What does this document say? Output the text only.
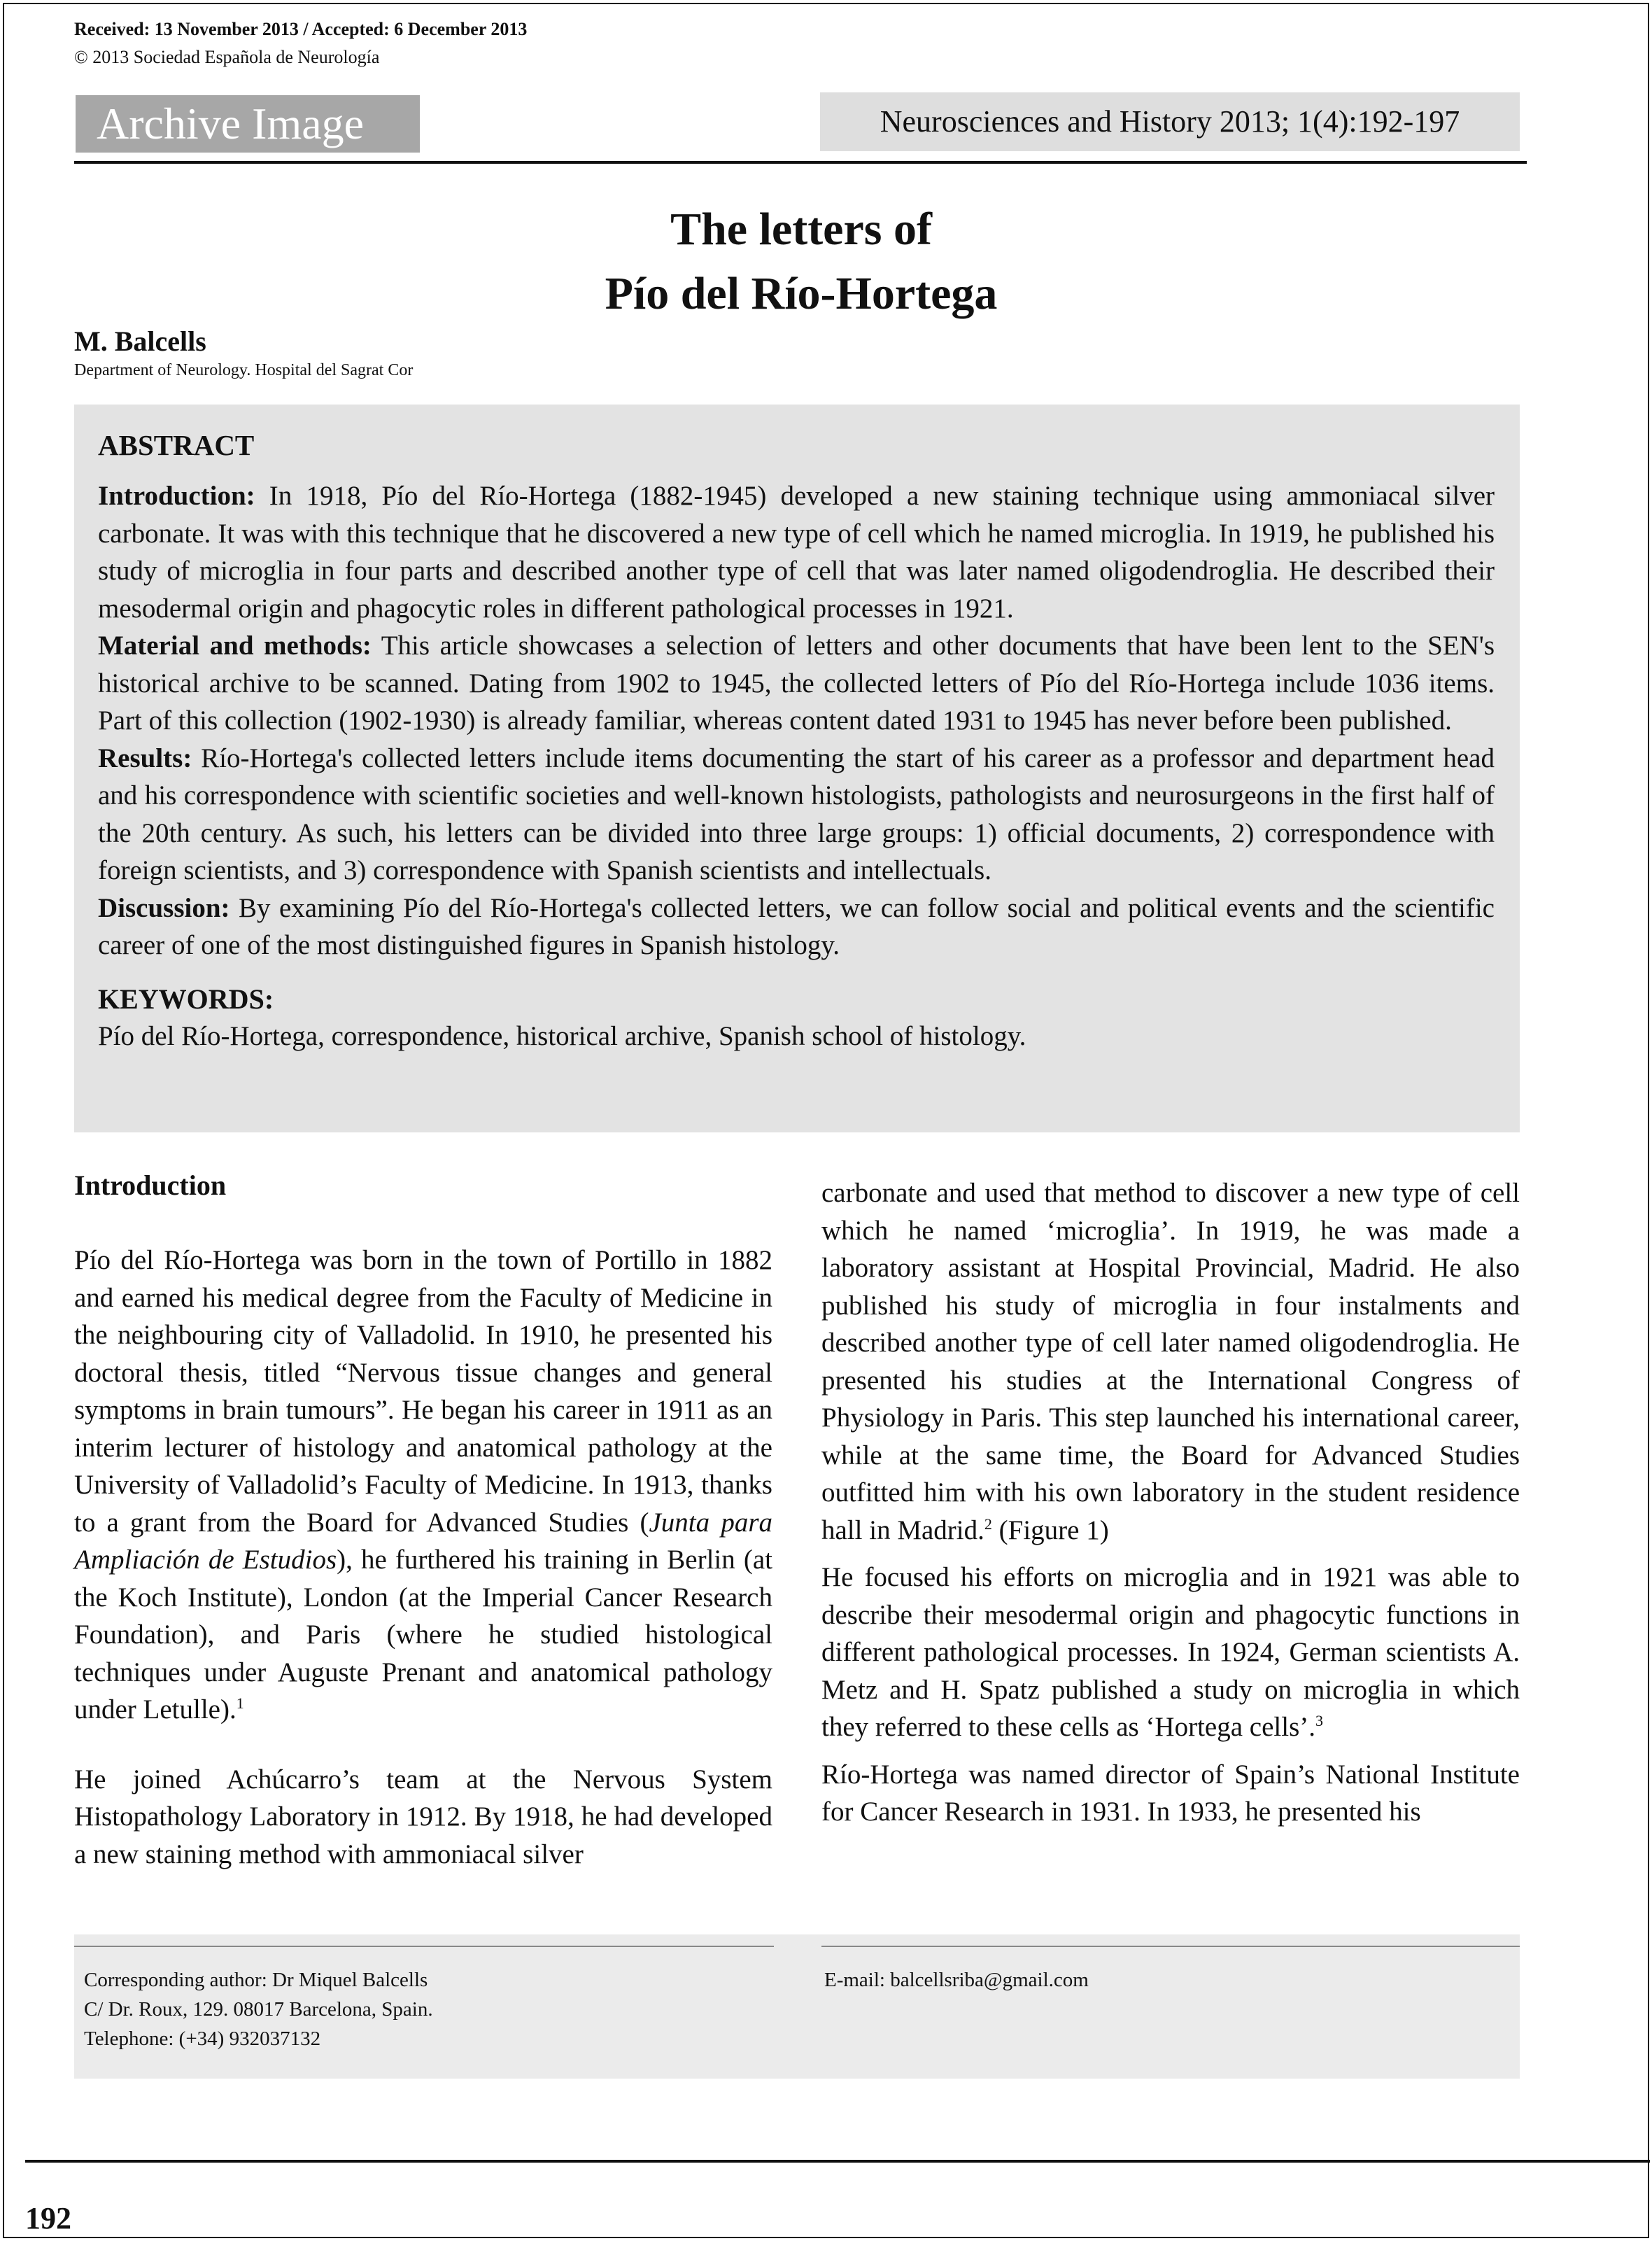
Received: 13 November 2013 / Accepted: 6 December 2013
© 2013 Sociedad Española de Neurología
Archive Image	Neurosciences and History 2013; 1(4):192-197
The letters of
Pío del Río-Hortega
M. Balcells
Department of Neurology. Hospital del Sagrat Cor
ABSTRACT

Introduction: In 1918, Pío del Río-Hortega (1882-1945) developed a new staining technique using ammoniacal silver carbonate. It was with this technique that he discovered a new type of cell which he named microglia. In 1919, he published his study of microglia in four parts and described another type of cell that was later named oligodendroglia. He described their mesodermal origin and phagocytic roles in different pathological processes in 1921.

Material and methods: This article showcases a selection of letters and other documents that have been lent to the SEN's historical archive to be scanned. Dating from 1902 to 1945, the collected letters of Pío del Río-Hortega include 1036 items. Part of this collection (1902-1930) is already familiar, whereas content dated 1931 to 1945 has never before been published.

Results: Río-Hortega's collected letters include items documenting the start of his career as a professor and department head and his correspondence with scientific societies and well-known histologists, pathologists and neurosurgeons in the first half of the 20th century. As such, his letters can be divided into three large groups: 1) official documents, 2) correspondence with foreign scientists, and 3) correspondence with Spanish scientists and intellectuals.

Discussion: By examining Pío del Río-Hortega's collected letters, we can follow social and political events and the scientific career of one of the most distinguished figures in Spanish histology.

KEYWORDS:

Pío del Río-Hortega, correspondence, historical archive, Spanish school of histology.

Introduction

Pío del Río-Hortega was born in the town of Portillo in 1882 and earned his medical degree from the Faculty of Medicine in the neighbouring city of Valladolid. In 1910, he presented his doctoral thesis, titled “Nervous tissue changes and general symptoms in brain tumours”. He began his career in 1911 as an interim lecturer of histology and anatomical pathology at the University of Valladolid’s Faculty of Medicine. In 1913, thanks to a grant from the Board for Advanced Studies (Junta para Ampliación de Estudios), he furthered his training in Berlin (at the Koch Institute), London (at the Imperial Cancer Research Foundation), and Paris (where he studied histological techniques under Auguste Prenant and anatomical pathology under Letulle).$^1$

He joined Achúcarro’s team at the Nervous System Histopathology Laboratory in 1912. By 1918, he had developed a new staining method with ammoniacal silver

carbonate and used that method to discover a new type of cell which he named ‘microglia’. In 1919, he was made a laboratory assistant at Hospital Provincial, Madrid. He also published his study of microglia in four instalments and described another type of cell later named oligodendroglia. He presented his studies at the International Congress of Physiology in Paris. This step launched his international career, while at the same time, the Board for Advanced Studies outfitted him with his own laboratory in the student residence hall in Madrid.$^2$ (Figure 1)

He focused his efforts on microglia and in 1921 was able to describe their mesodermal origin and phagocytic functions in different pathological processes. In 1924, German scientists A. Metz and H. Spatz published a study on microglia in which they referred to these cells as ‘Hortega cells’.$^3$

Río-Hortega was named director of Spain’s National Institute for Cancer Research in 1931. In 1933, he presented his

Corresponding author: Dr Miquel Balcells
C/ Dr. Roux, 129. 08017 Barcelona, Spain.
Telephone: (+34) 932037132
E-mail: balcellsriba@gmail.com
192
